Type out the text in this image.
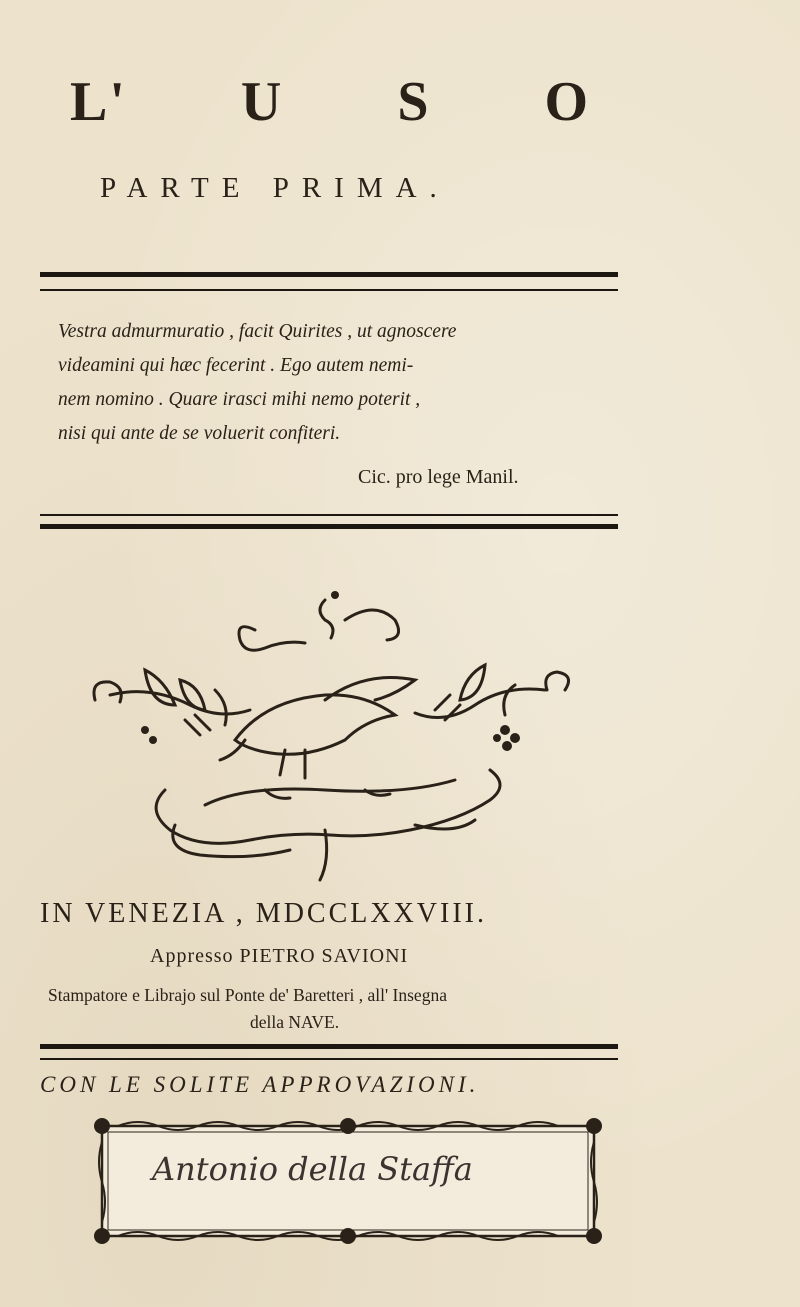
L' U S O
PARTE PRIMA.
Vestra admurmuratio , facit Quirites , ut agnoscere
videamini qui hæc fecerint . Ego autem nemi-
nem nomino . Quare irasci mihi nemo poterit ,
nisi qui ante de se voluerit confiteri.
Cic. pro lege Manil.
IN VENEZIA , MDCCLXXVIII.
Appresso PIETRO SAVIONI
Stampatore e Librajo sul Ponte de' Baretteri , all' Insegna
della NAVE.
CON LE SOLITE APPROVAZIONI.
Antonio della Staffa
